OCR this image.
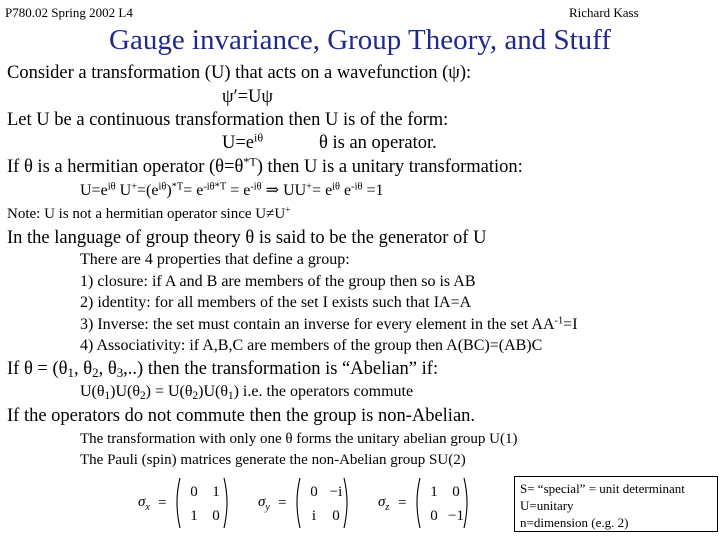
P780.02 Spring 2002 L4	Richard Kass
Gauge invariance, Group Theory, and Stuff
Consider a transformation (U) that acts on a wavefunction (ψ):
ψ′=Uψ
Let U be a continuous transformation then U is of the form:
$U=e^{i\theta}$	θ is an operator.
If θ is a hermitian operator $(\theta=\theta^{*T})$ then U is a unitary transformation:
$U=e^{i\theta}$ $U^+=(e^{i\theta})^{*T}= e^{-i\theta*T} = e^{-i\theta}$ ⇒ $UU^+= e^{i\theta}$ $e^{-i\theta} =1$
Note: U is not a hermitian operator since U≠U+
In the language of group theory θ is said to be the generator of U
There are 4 properties that define a group:
1) closure: if A and B are members of the group then so is AB
2) identity: for all members of the set I exists such that IA=A
3) Inverse: the set must contain an inverse for every element in the set $AA^{-1}=I$
4) Associativity: if A,B,C are members of the group then A(BC)=(AB)C
If $\theta = (\theta_1$, $\theta_2$, $\theta_3$,..) then the transformation is “Abelian” if:
$U(\theta_1)U(\theta_2) = U(\theta_2)U(\theta_1)$ i.e. the operators commute
If the operators do not commute then the group is non-Abelian.
The transformation with only one θ forms the unitary abelian group U(1)
The Pauli (spin) matrices generate the non-Abelian group SU(2)
$\sigma_x$ =
0 1
1 0
$\sigma_y$ =
0 −i
i 0
$\sigma_z$ =
1 0
0 −1
S= “special” = unit determinant
U=unitary
n=dimension (e.g. 2)
